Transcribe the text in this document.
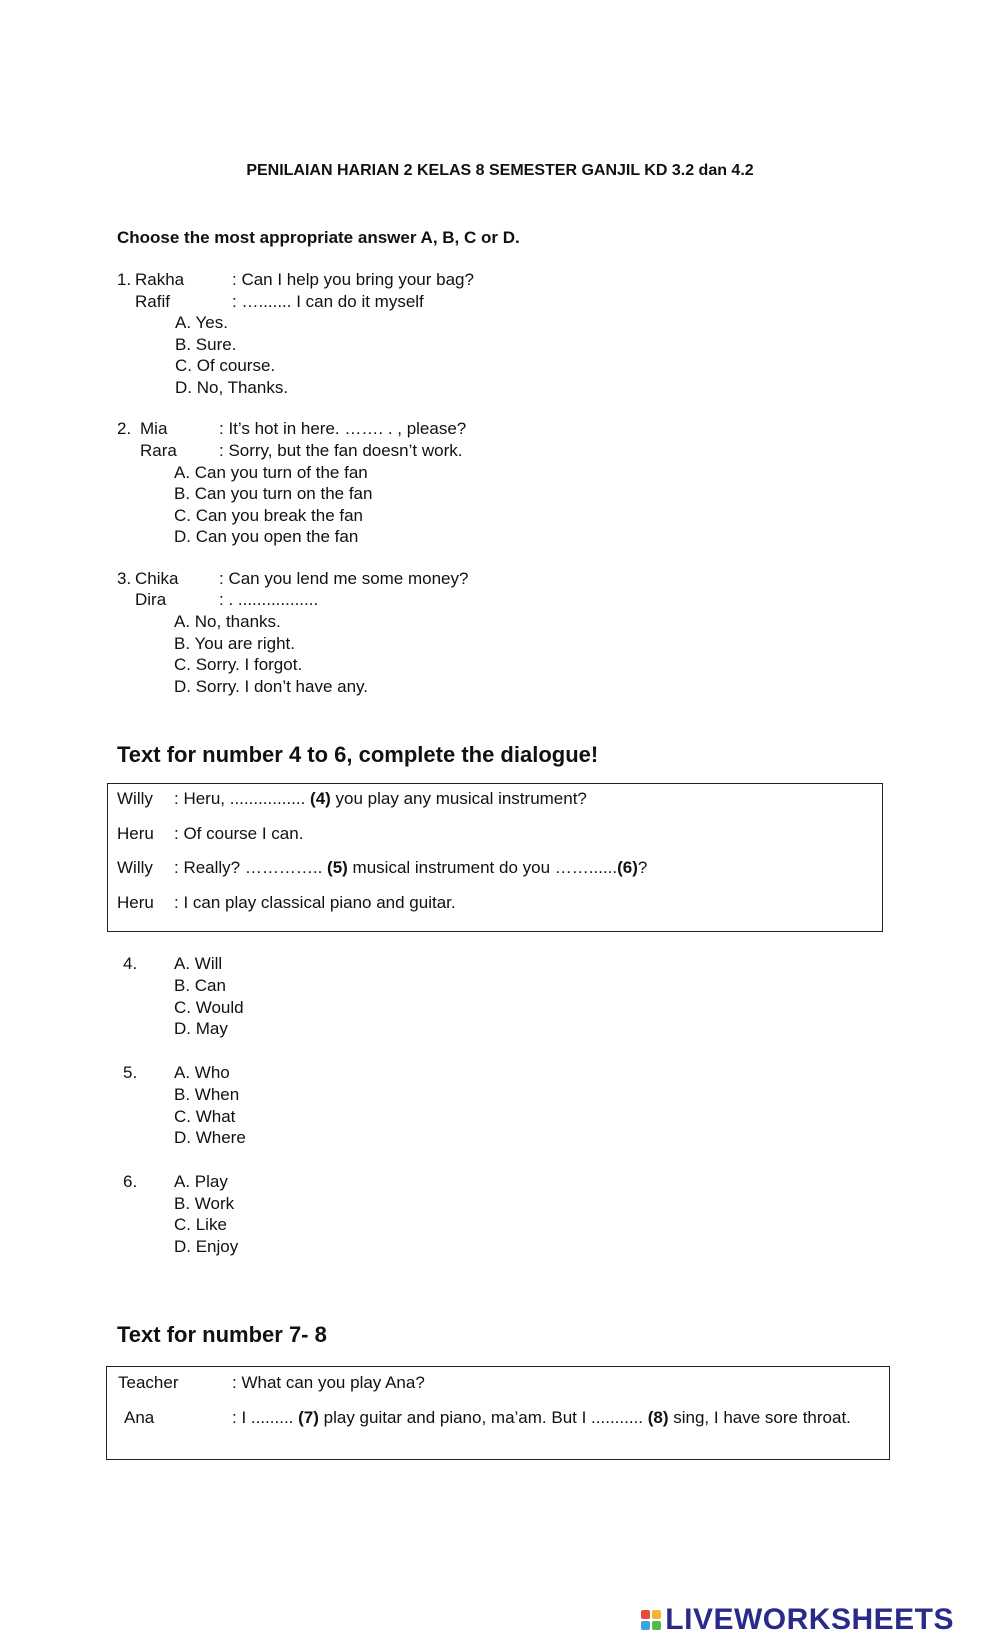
PENILAIAN HARIAN 2 KELAS 8 SEMESTER GANJIL KD 3.2 dan 4.2
Choose the most appropriate answer A, B, C or D.
1. Rakha	: Can I help you bring your bag?
Rafif	: …....... I can do it myself
A. Yes.
B. Sure.
C. Of course.
D. No, Thanks.
2. Mia	: It’s hot in here. ……. . , please?
Rara : Sorry, but the fan doesn’t work.
A. Can you turn of the fan
B. Can you turn on the fan
C. Can you break the fan
D. Can you open the fan
3. Chika : Can you lend me some money?
Dira	: . .................
A. No, thanks.
B. You are right.
C. Sorry. I forgot.
D. Sorry. I don’t have any.
Text for number 4 to 6, complete the dialogue!
Willy : Heru, ................ (4) you play any musical instrument?
Heru : Of course I can.
Willy : Really? ………….. (5) musical instrument do you ……......(6)?
Heru : I can play classical piano and guitar.
4. A. Will
B. Can
C. Would
D. May
5. A. Who
B. When
C. What
D. Where
6. A. Play
B. Work
C. Like
D. Enjoy
Text for number 7- 8
Teacher	: What can you play Ana?
Ana	: I ......... (7) play guitar and piano, ma’am. But I ........... (8) sing, I have sore throat.
LIVEWORKSHEETS
